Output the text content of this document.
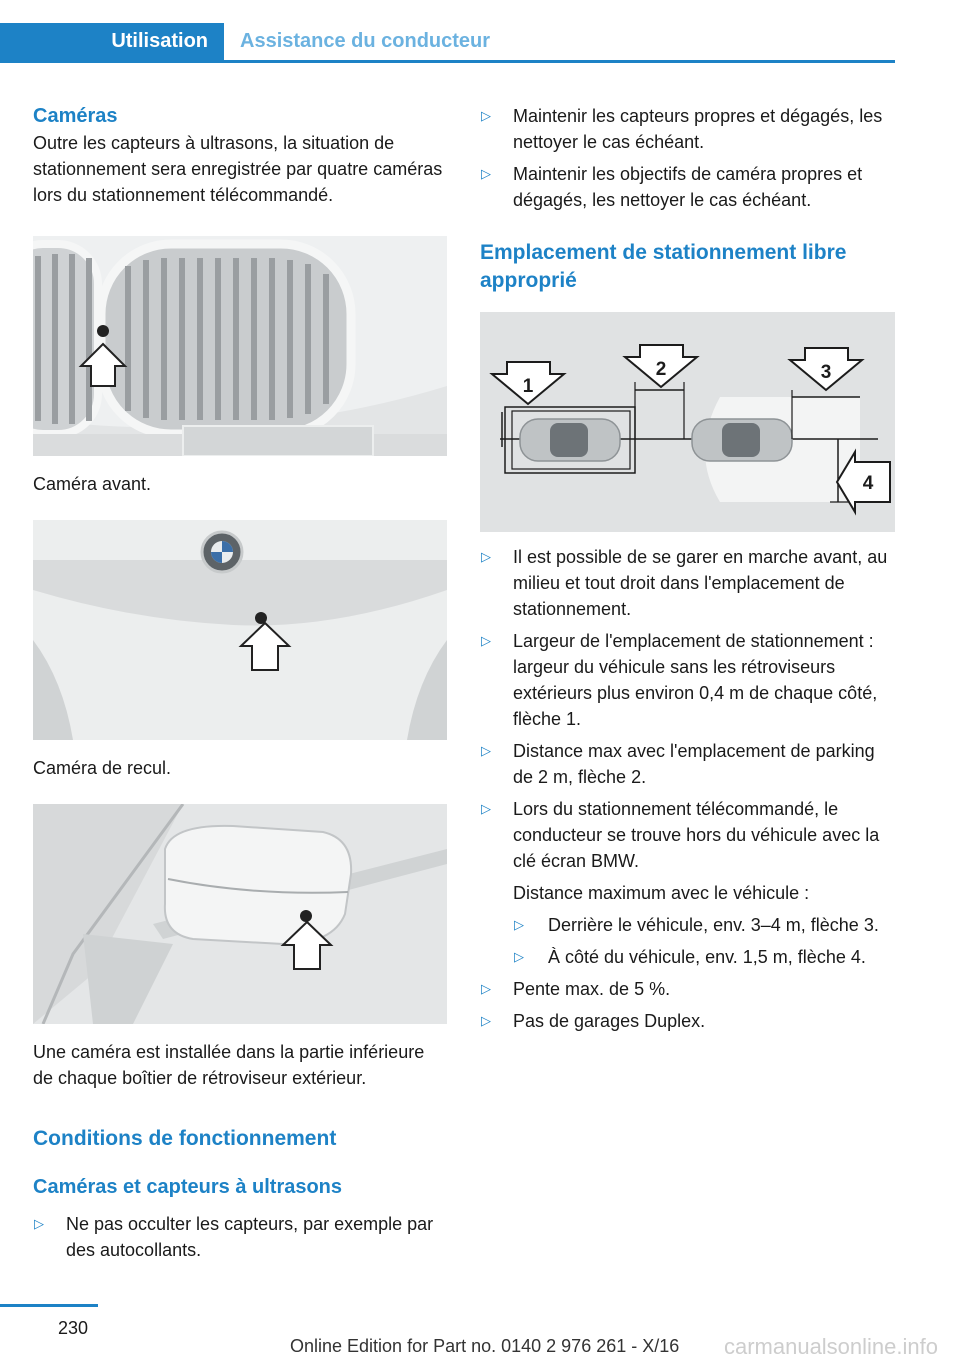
Utilisation	Assistance du conducteur
Caméras

Outre les capteurs à ultrasons, la situation de stationnement sera enregistrée par quatre caméras lors du stationnement télécommandé.

Caméra avant.

Caméra de recul.

Une caméra est installée dans la partie inférieure de chaque boîtier de rétroviseur extérieur.

Conditions de fonctionnement
Caméras et capteurs à ultrasons
▷ Ne pas occulter les capteurs, par exemple par des autocollants.
▷ Maintenir les capteurs propres et dégagés, les nettoyer le cas échéant.
▷ Maintenir les objectifs de caméra propres et dégagés, les nettoyer le cas échéant.
Emplacement de stationnement libre approprié
1
2	3
4
▷ Il est possible de se garer en marche avant, au milieu et tout droit dans l'emplacement de stationnement.
▷ Largeur de l'emplacement de stationnement : largeur du véhicule sans les rétroviseurs extérieurs plus environ 0,4 m de chaque côté, flèche 1.
▷ Distance max avec l'emplacement de parking de 2 m, flèche 2.
▷ Lors du stationnement télécommandé, le conducteur se trouve hors du véhicule avec la clé écran BMW.
Distance maximum avec le véhicule :
▷ Derrière le véhicule, env. 3–4 m, flèche 3.
▷ À côté du véhicule, env. 1,5 m, flèche 4.
▷ Pente max. de 5 %.
▷ Pas de garages Duplex.
230
Online Edition for Part no. 0140 2 976 261 - X/16 carmanualsonline.info
